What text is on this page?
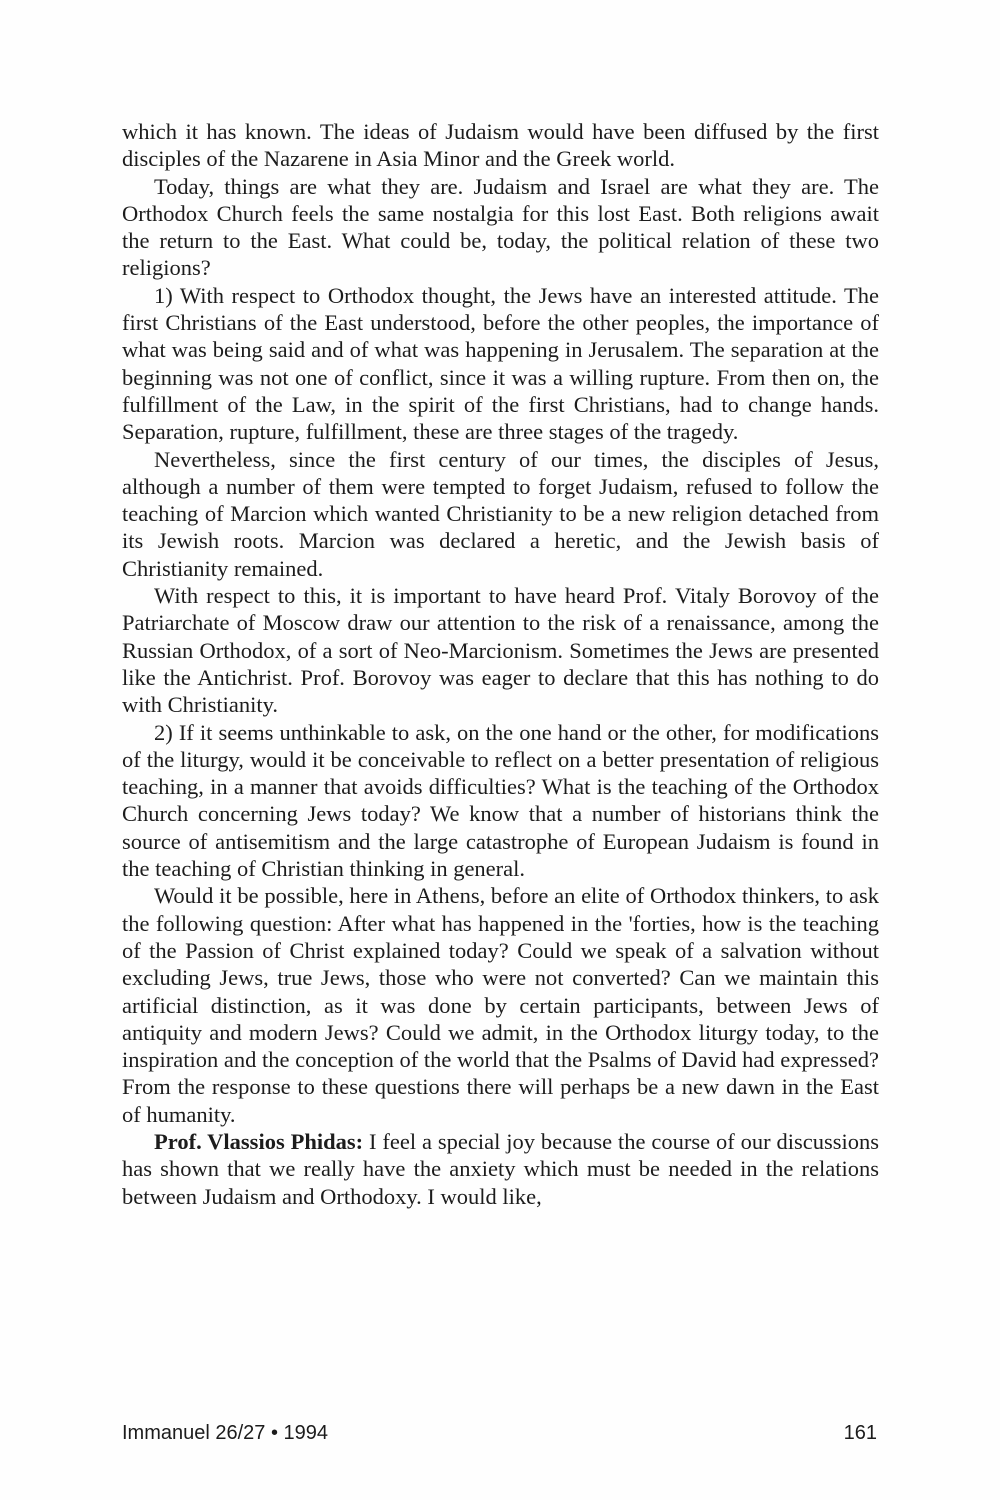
which it has known. The ideas of Judaism would have been diffused by the first disciples of the Nazarene in Asia Minor and the Greek world.

Today, things are what they are. Judaism and Israel are what they are. The Orthodox Church feels the same nostalgia for this lost East. Both religions await the return to the East. What could be, today, the political relation of these two religions?

1) With respect to Orthodox thought, the Jews have an interested attitude. The first Christians of the East understood, before the other peoples, the importance of what was being said and of what was happening in Jerusalem. The separation at the beginning was not one of conflict, since it was a willing rupture. From then on, the fulfillment of the Law, in the spirit of the first Christians, had to change hands. Separation, rupture, fulfillment, these are three stages of the tragedy.

Nevertheless, since the first century of our times, the disciples of Jesus, although a number of them were tempted to forget Judaism, refused to follow the teaching of Marcion which wanted Christianity to be a new religion detached from its Jewish roots. Marcion was declared a heretic, and the Jewish basis of Christianity remained.

With respect to this, it is important to have heard Prof. Vitaly Borovoy of the Patriarchate of Moscow draw our attention to the risk of a renaissance, among the Russian Orthodox, of a sort of Neo-Marcionism. Sometimes the Jews are presented like the Antichrist. Prof. Borovoy was eager to declare that this has nothing to do with Christianity.

2) If it seems unthinkable to ask, on the one hand or the other, for modifications of the liturgy, would it be conceivable to reflect on a better presentation of religious teaching, in a manner that avoids difficulties? What is the teaching of the Orthodox Church concerning Jews today? We know that a number of historians think the source of antisemitism and the large catastrophe of European Judaism is found in the teaching of Christian thinking in general.

Would it be possible, here in Athens, before an elite of Orthodox thinkers, to ask the following question: After what has happened in the 'forties, how is the teaching of the Passion of Christ explained today? Could we speak of a salvation without excluding Jews, true Jews, those who were not converted? Can we maintain this artificial distinction, as it was done by certain participants, between Jews of antiquity and modern Jews? Could we admit, in the Orthodox liturgy today, to the inspiration and the conception of the world that the Psalms of David had expressed? From the response to these questions there will perhaps be a new dawn in the East of humanity.

Prof. Vlassios Phidas: I feel a special joy because the course of our discussions has shown that we really have the anxiety which must be needed in the relations between Judaism and Orthodoxy. I would like,

Immanuel 26/27 • 1994	161
